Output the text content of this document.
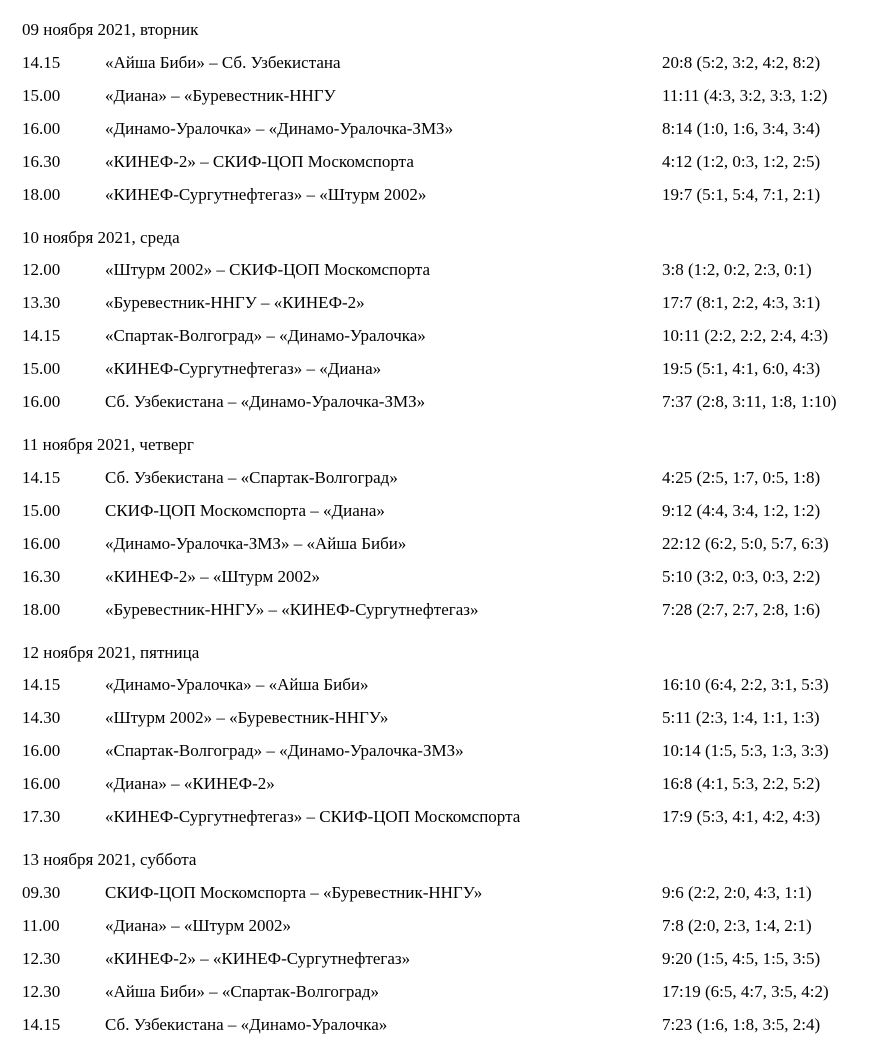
09 ноября 2021, вторник
14.15	«Айша Биби» – Сб. Узбекистана	20:8 (5:2, 3:2, 4:2, 8:2)
15.00	«Диана» – «Буревестник-ННГУ	11:11 (4:3, 3:2, 3:3, 1:2)
16.00	«Динамо-Уралочка» – «Динамо-Уралочка-ЗМЗ»	8:14 (1:0, 1:6, 3:4, 3:4)
16.30	«КИНЕФ-2» – СКИФ-ЦОП Москомспорта	4:12 (1:2, 0:3, 1:2, 2:5)
18.00	«КИНЕФ-Сургутнефтегаз» – «Штурм 2002»	19:7 (5:1, 5:4, 7:1, 2:1)
10 ноября 2021, среда
12.00	«Штурм 2002» – СКИФ-ЦОП Москомспорта	3:8 (1:2, 0:2, 2:3, 0:1)
13.30	«Буревестник-ННГУ – «КИНЕФ-2»	17:7 (8:1, 2:2, 4:3, 3:1)
14.15	«Спартак-Волгоград» – «Динамо-Уралочка»	10:11 (2:2, 2:2, 2:4, 4:3)
15.00	«КИНЕФ-Сургутнефтегаз» – «Диана»	19:5 (5:1, 4:1, 6:0, 4:3)
16.00	Сб. Узбекистана – «Динамо-Уралочка-ЗМЗ»	7:37 (2:8, 3:11, 1:8, 1:10)
11 ноября 2021, четверг
14.15	Сб. Узбекистана – «Спартак-Волгоград»	4:25 (2:5, 1:7, 0:5, 1:8)
15.00	СКИФ-ЦОП Москомспорта – «Диана»	9:12 (4:4, 3:4, 1:2, 1:2)
16.00	«Динамо-Уралочка-ЗМЗ» – «Айша Биби»	22:12 (6:2, 5:0, 5:7, 6:3)
16.30	«КИНЕФ-2» – «Штурм 2002»	5:10 (3:2, 0:3, 0:3, 2:2)
18.00	«Буревестник-ННГУ» – «КИНЕФ-Сургутнефтегаз»	7:28 (2:7, 2:7, 2:8, 1:6)
12 ноября 2021, пятница
14.15	«Динамо-Уралочка» – «Айша Биби»	16:10 (6:4, 2:2, 3:1, 5:3)
14.30	«Штурм 2002» – «Буревестник-ННГУ»	5:11 (2:3, 1:4, 1:1, 1:3)
16.00	«Спартак-Волгоград» – «Динамо-Уралочка-ЗМЗ»	10:14 (1:5, 5:3, 1:3, 3:3)
16.00	«Диана» – «КИНЕФ-2»	16:8 (4:1, 5:3, 2:2, 5:2)
17.30	«КИНЕФ-Сургутнефтегаз» – СКИФ-ЦОП Москомспорта	17:9 (5:3, 4:1, 4:2, 4:3)
13 ноября 2021, суббота
09.30	СКИФ-ЦОП Москомспорта – «Буревестник-ННГУ»	9:6 (2:2, 2:0, 4:3, 1:1)
11.00	«Диана» – «Штурм 2002»	7:8 (2:0, 2:3, 1:4, 2:1)
12.30	«КИНЕФ-2» – «КИНЕФ-Сургутнефтегаз»	9:20 (1:5, 4:5, 1:5, 3:5)
12.30	«Айша Биби» – «Спартак-Волгоград»	17:19 (6:5, 4:7, 3:5, 4:2)
14.15	Сб. Узбекистана – «Динамо-Уралочка»	7:23 (1:6, 1:8, 3:5, 2:4)
